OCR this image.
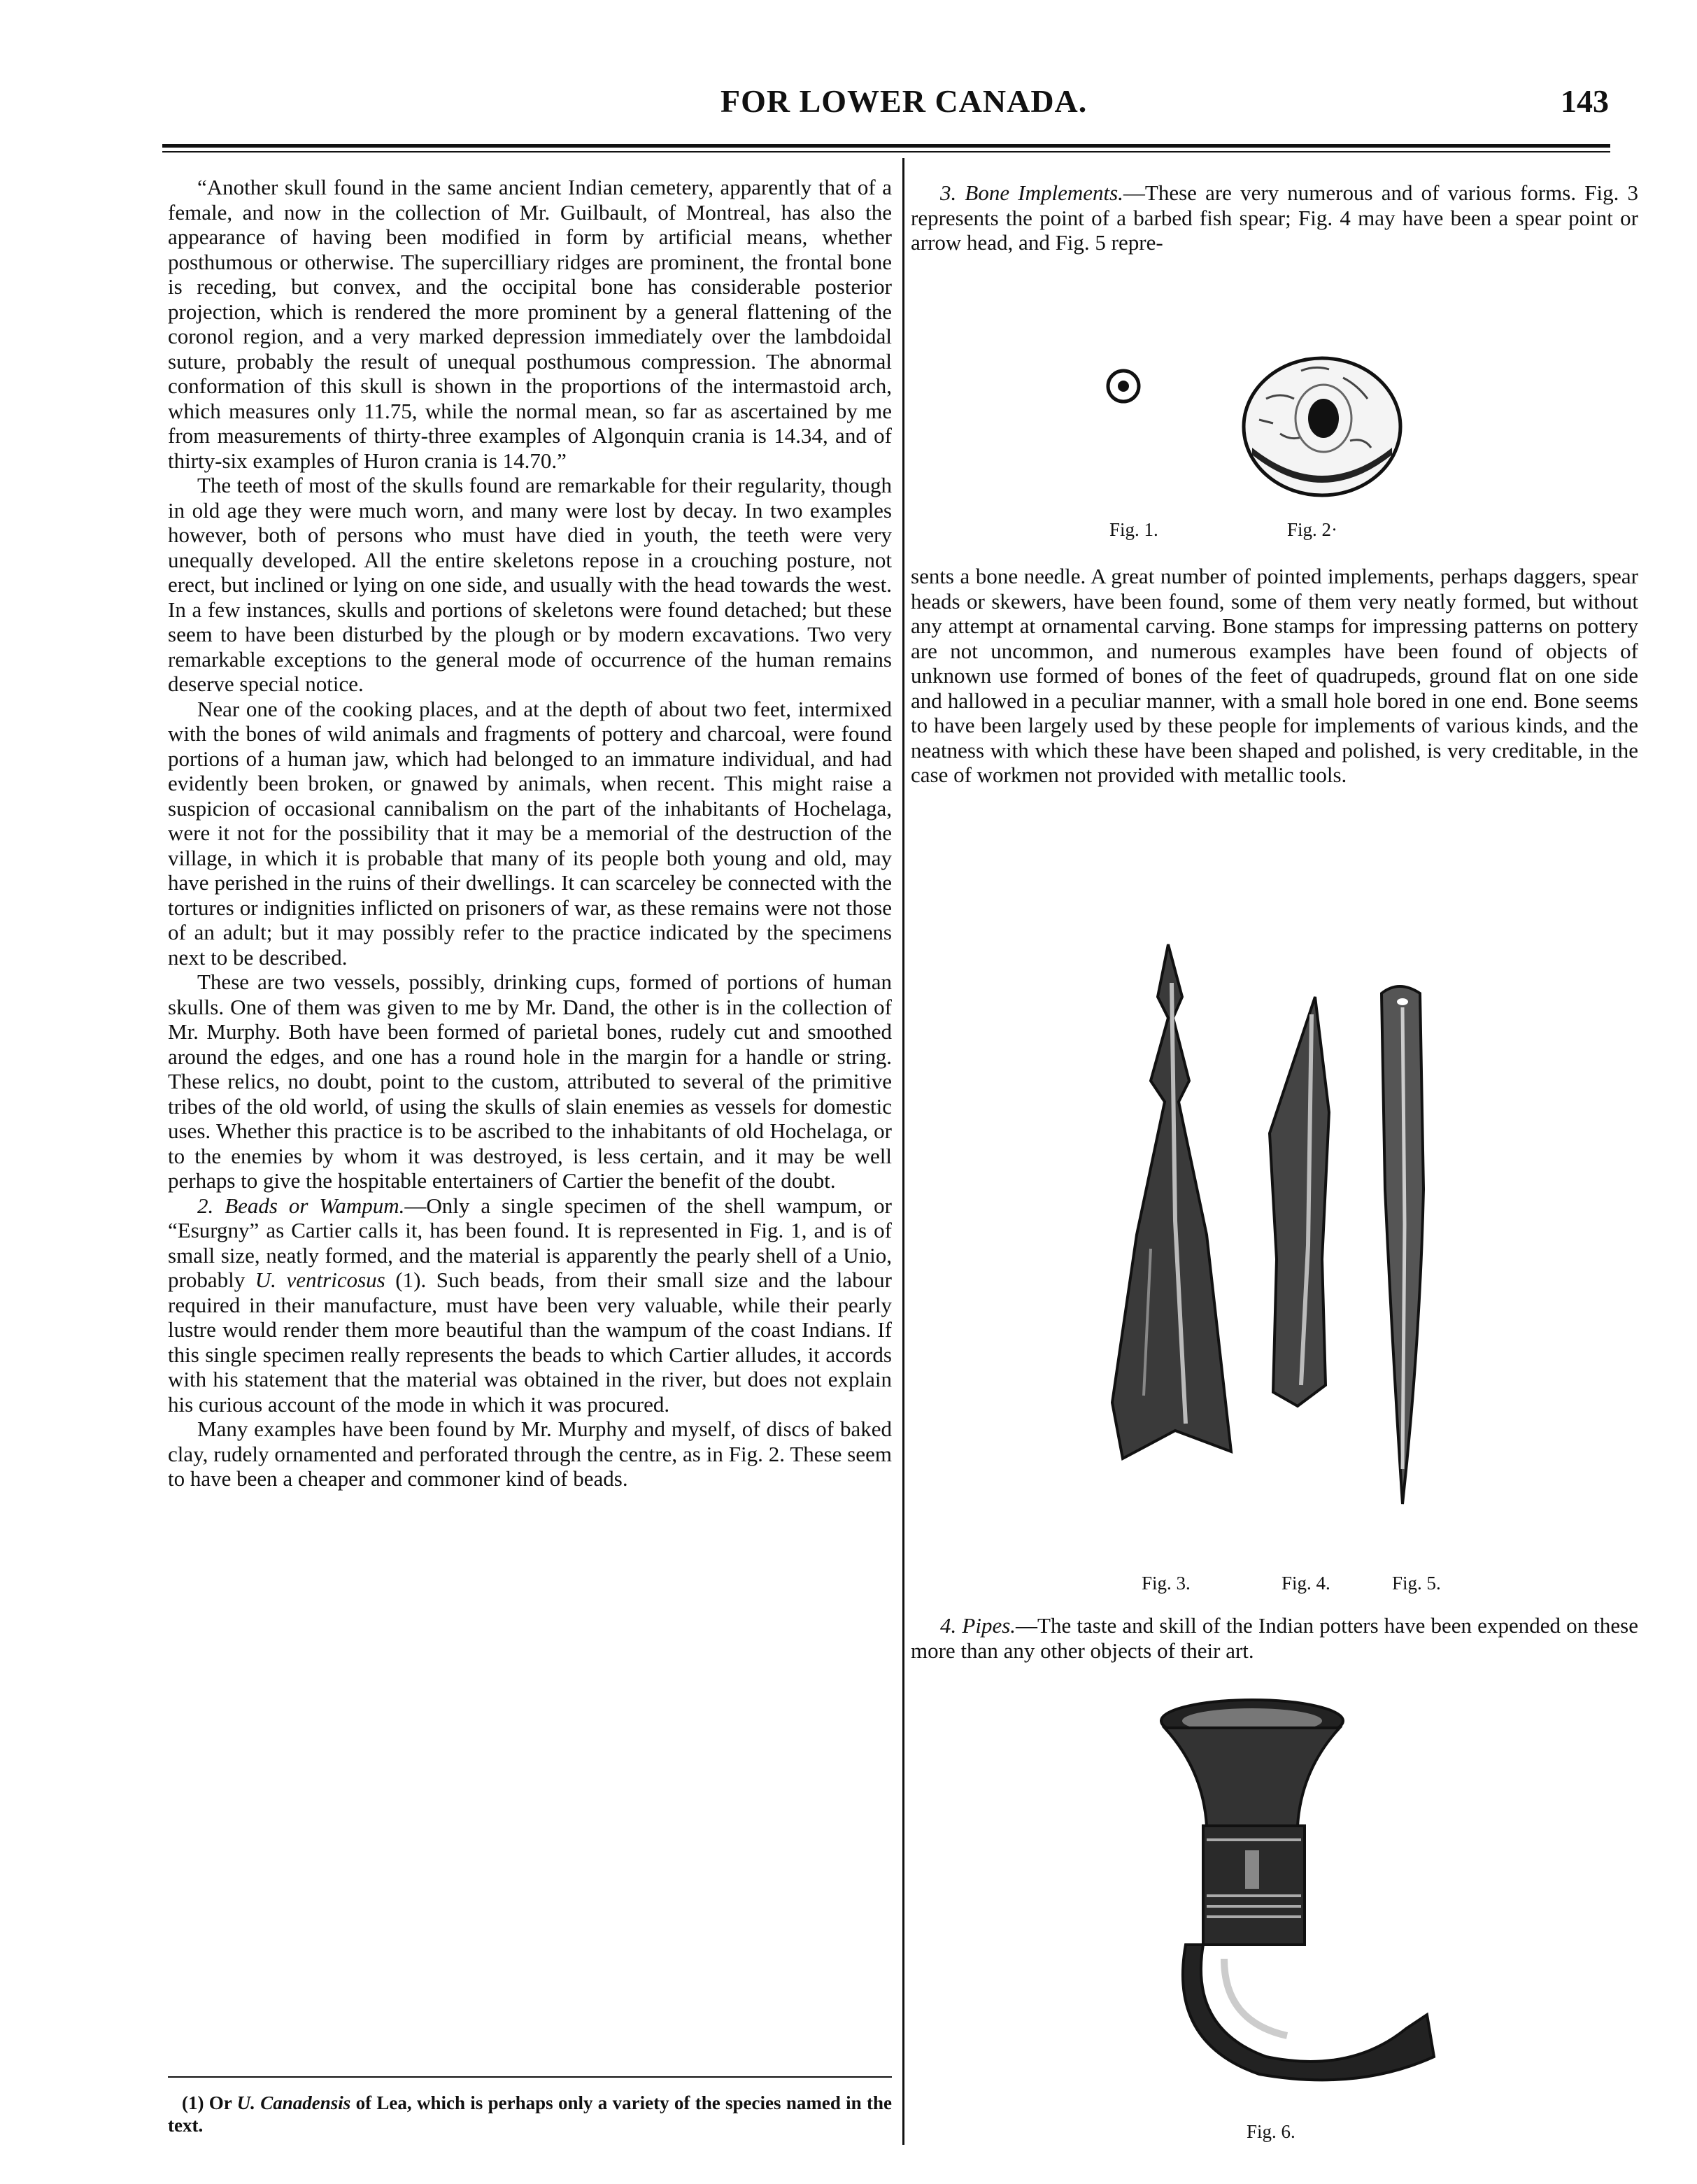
FOR LOWER CANADA.	143

“Another skull found in the same ancient Indian cemetery, apparently that of a female, and now in the collection of Mr. Guilbault, of Montreal, has also the appearance of having been modified in form by artificial means, whether posthumous or otherwise. The supercilliary ridges are prominent, the frontal bone is receding, but convex, and the occipital bone has considerable posterior projection, which is rendered the more prominent by a general flattening of the coronol region, and a very marked depression immediately over the lambdoidal suture, probably the result of unequal posthumous compression. The abnormal conformation of this skull is shown in the proportions of the intermastoid arch, which measures only 11.75, while the normal mean, so far as ascertained by me from measurements of thirty-three examples of Algonquin crania is 14.34, and of thirty-six examples of Huron crania is 14.70.”

The teeth of most of the skulls found are remarkable for their regularity, though in old age they were much worn, and many were lost by decay. In two examples however, both of persons who must have died in youth, the teeth were very unequally developed. All the entire skeletons repose in a crouching posture, not erect, but inclined or lying on one side, and usually with the head towards the west. In a few instances, skulls and portions of skeletons were found detached; but these seem to have been disturbed by the plough or by modern excavations. Two very remarkable exceptions to the general mode of occurrence of the human remains deserve special notice.

Near one of the cooking places, and at the depth of about two feet, intermixed with the bones of wild animals and fragments of pottery and charcoal, were found portions of a human jaw, which had belonged to an immature individual, and had evidently been broken, or gnawed by animals, when recent. This might raise a suspicion of occasional cannibalism on the part of the inhabitants of Hochelaga, were it not for the possibility that it may be a memorial of the destruction of the village, in which it is probable that many of its people both young and old, may have perished in the ruins of their dwellings. It can scarceley be connected with the tortures or indignities inflicted on prisoners of war, as these remains were not those of an adult; but it may possibly refer to the practice indicated by the specimens next to be described.

These are two vessels, possibly, drinking cups, formed of portions of human skulls. One of them was given to me by Mr. Dand, the other is in the collection of Mr. Murphy. Both have been formed of parietal bones, rudely cut and smoothed around the edges, and one has a round hole in the margin for a handle or string. These relics, no doubt, point to the custom, attributed to several of the primitive tribes of the old world, of using the skulls of slain enemies as vessels for domestic uses. Whether this practice is to be ascribed to the inhabitants of old Hochelaga, or to the enemies by whom it was destroyed, is less certain, and it may be well perhaps to give the hospitable entertainers of Cartier the benefit of the doubt.

2. Beads or Wampum.—Only a single specimen of the shell wampum, or “Esurgny” as Cartier calls it, has been found. It is represented in Fig. 1, and is of small size, neatly formed, and the material is apparently the pearly shell of a Unio, probably U. ventricosus (1). Such beads, from their small size and the labour required in their manufacture, must have been very valuable, while their pearly lustre would render them more beautiful than the wampum of the coast Indians. If this single specimen really represents the beads to which Cartier alludes, it accords with his statement that the material was obtained in the river, but does not explain his curious account of the mode in which it was procured.

Many examples have been found by Mr. Murphy and myself, of discs of baked clay, rudely ornamented and perforated through the centre, as in Fig. 2. These seem to have been a cheaper and commoner kind of beads.

(1) Or U. Canadensis of Lea, which is perhaps only a variety of the species named in the text.

3. Bone Implements.—These are very numerous and of various forms. Fig. 3 represents the point of a barbed fish spear; Fig. 4 may have been a spear point or arrow head, and Fig. 5 repre-

Fig. 1.	Fig. 2·

sents a bone needle. A great number of pointed implements, perhaps daggers, spear heads or skewers, have been found, some of them very neatly formed, but without any attempt at ornamental carving. Bone stamps for impressing patterns on pottery are not uncommon, and numerous examples have been found of objects of unknown use formed of bones of the feet of quadrupeds, ground flat on one side and hallowed in a peculiar manner, with a small hole bored in one end. Bone seems to have been largely used by these people for implements of various kinds, and the neatness with which these have been shaped and polished, is very creditable, in the case of workmen not provided with metallic tools.

Fig. 3.	Fig. 4.	Fig. 5.

4. Pipes.—The taste and skill of the Indian potters have been expended on these more than any other objects of their art.

Fig. 6.
